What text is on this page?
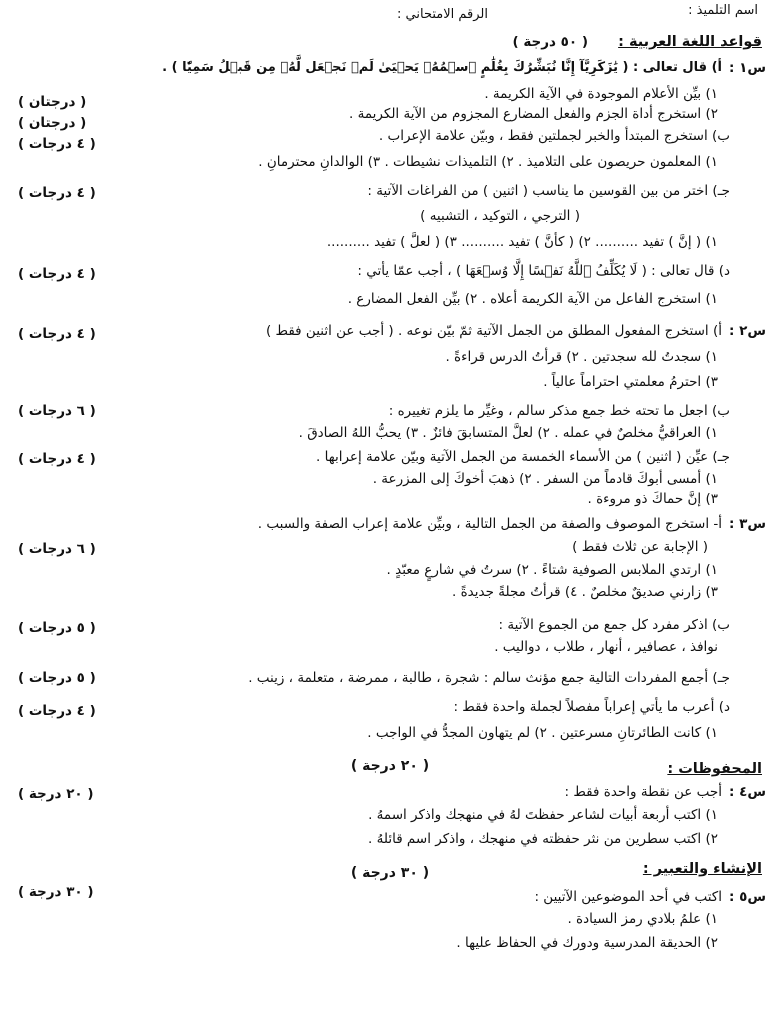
اسم التلميذ :
الرقم الامتحاني :
قواعد اللغة العربية :
( ٥٠ درجة )
س١ :
أ) قال تعالى : ( يَٰزَكَرِيَّآ إِنَّا نُبَشِّرُكَ بِغُلَٰمٍ ٱسۡمُهُۥ يَحۡيَىٰ لَمۡ نَجۡعَل لَّهُۥ مِن قَبۡلُ سَمِيّٗا ) .
١) بيِّن الأعلام الموجودة في الآية الكريمة .
( درجتان )
٢) استخرج أداة الجزم والفعل المضارع المجزوم من الآية الكريمة .
( درجتان )
ب) استخرج المبتدأ والخبر لجملتين فقط ، وبيّن علامة الإعراب .
( ٤ درجات )
١) المعلمون حريصون على التلاميذ . ٢) التلميذات نشيطات . ٣) الوالدانِ محترمانِ .
جـ) اختر من بين القوسين ما يناسب ( اثنين ) من الفراغات الآتية :
( ٤ درجات )
( الترجي ، التوكيد ، التشبيه )
١) ( إنَّ ) تفيد .......... ٢) ( كأنَّ ) تفيد .......... ٣) ( لعلَّ ) تفيد ..........
د) قال تعالى : ( لَا يُكَلِّفُ ٱللَّهُ نَفۡسًا إِلَّا وُسۡعَهَا ) ، أجب عمّا يأتي :
( ٤ درجات )
١) استخرج الفاعل من الآية الكريمة أعلاه . ٢) بيِّن الفعل المضارع .
س٢ :
أ) استخرج المفعول المطلق من الجمل الآتية ثمّ بيّن نوعه . ( أجب عن اثنين فقط )
( ٤ درجات )
١) سجدتُ لله سجدتين . ٢) قرأتُ الدرس قراءةً .
٣) احترمُ معلمتي احتراماً عالياً .
ب) اجعل ما تحته خط جمع مذكر سالم ، وغيِّر ما يلزم تغييره :
( ٦ درجات )
١) العراقيُّ مخلصٌ في عمله . ٢) لعلَّ المتسابقَ فائزٌ . ٣) يحبُّ اللهُ الصادقَ .
جـ) عيِّن ( اثنين ) من الأسماء الخمسة من الجمل الآتية وبيّن علامة إعرابها .
( ٤ درجات )
١) أمسى أبوكَ قادماً من السفر . ٢) ذهبَ أخوكَ إلى المزرعة .
٣) إنَّ حماكَ ذو مروءة .
س٣ :
أ- استخرج الموصوف والصفة من الجمل التالية ، وبيِّن علامة إعراب الصفة والسبب .
( الإجابة عن ثلاث فقط )
( ٦ درجات )
١) ارتدي الملابس الصوفية شتاءً . ٢) سرتُ في شارعٍ معبّدٍ .
٣) زارني صديقٌ مخلصٌ . ٤) قرأتُ مجلةً جديدةً .
ب) اذكر مفرد كل جمع من الجموع الآتية :
( ٥ درجات )
نوافذ ، عصافير ، أنهار ، طلاب ، دواليب .
جـ) أجمع المفردات التالية جمع مؤنث سالم : شجرة ، طالبة ، ممرضة ، متعلمة ، زينب .
( ٥ درجات )
د) أعرب ما يأتي إعراباً مفصلاً لجملة واحدة فقط :
( ٤ درجات )
١) كانت الطائرتانِ مسرعتين . ٢) لم يتهاون المجدُّ في الواجب .
المحفوظات :
( ٢٠ درجة )
س٤ :
أجب عن نقطة واحدة فقط :
( ٢٠ درجة )
١) اكتب أربعة أبيات لشاعر حفظتَ لهُ في منهجك واذكر اسمهُ .
٢) اكتب سطرين من نثر حفظته في منهجك ، واذكر اسم قائلهُ .
الإنشاء والتعبير :
( ٣٠ درجة )
س٥ :
اكتب في أحد الموضوعين الآتيين :
( ٣٠ درجة )
١) علمُ بلادي رمز السيادة .
٢) الحديقة المدرسية ودورك في الحفاظ عليها .
